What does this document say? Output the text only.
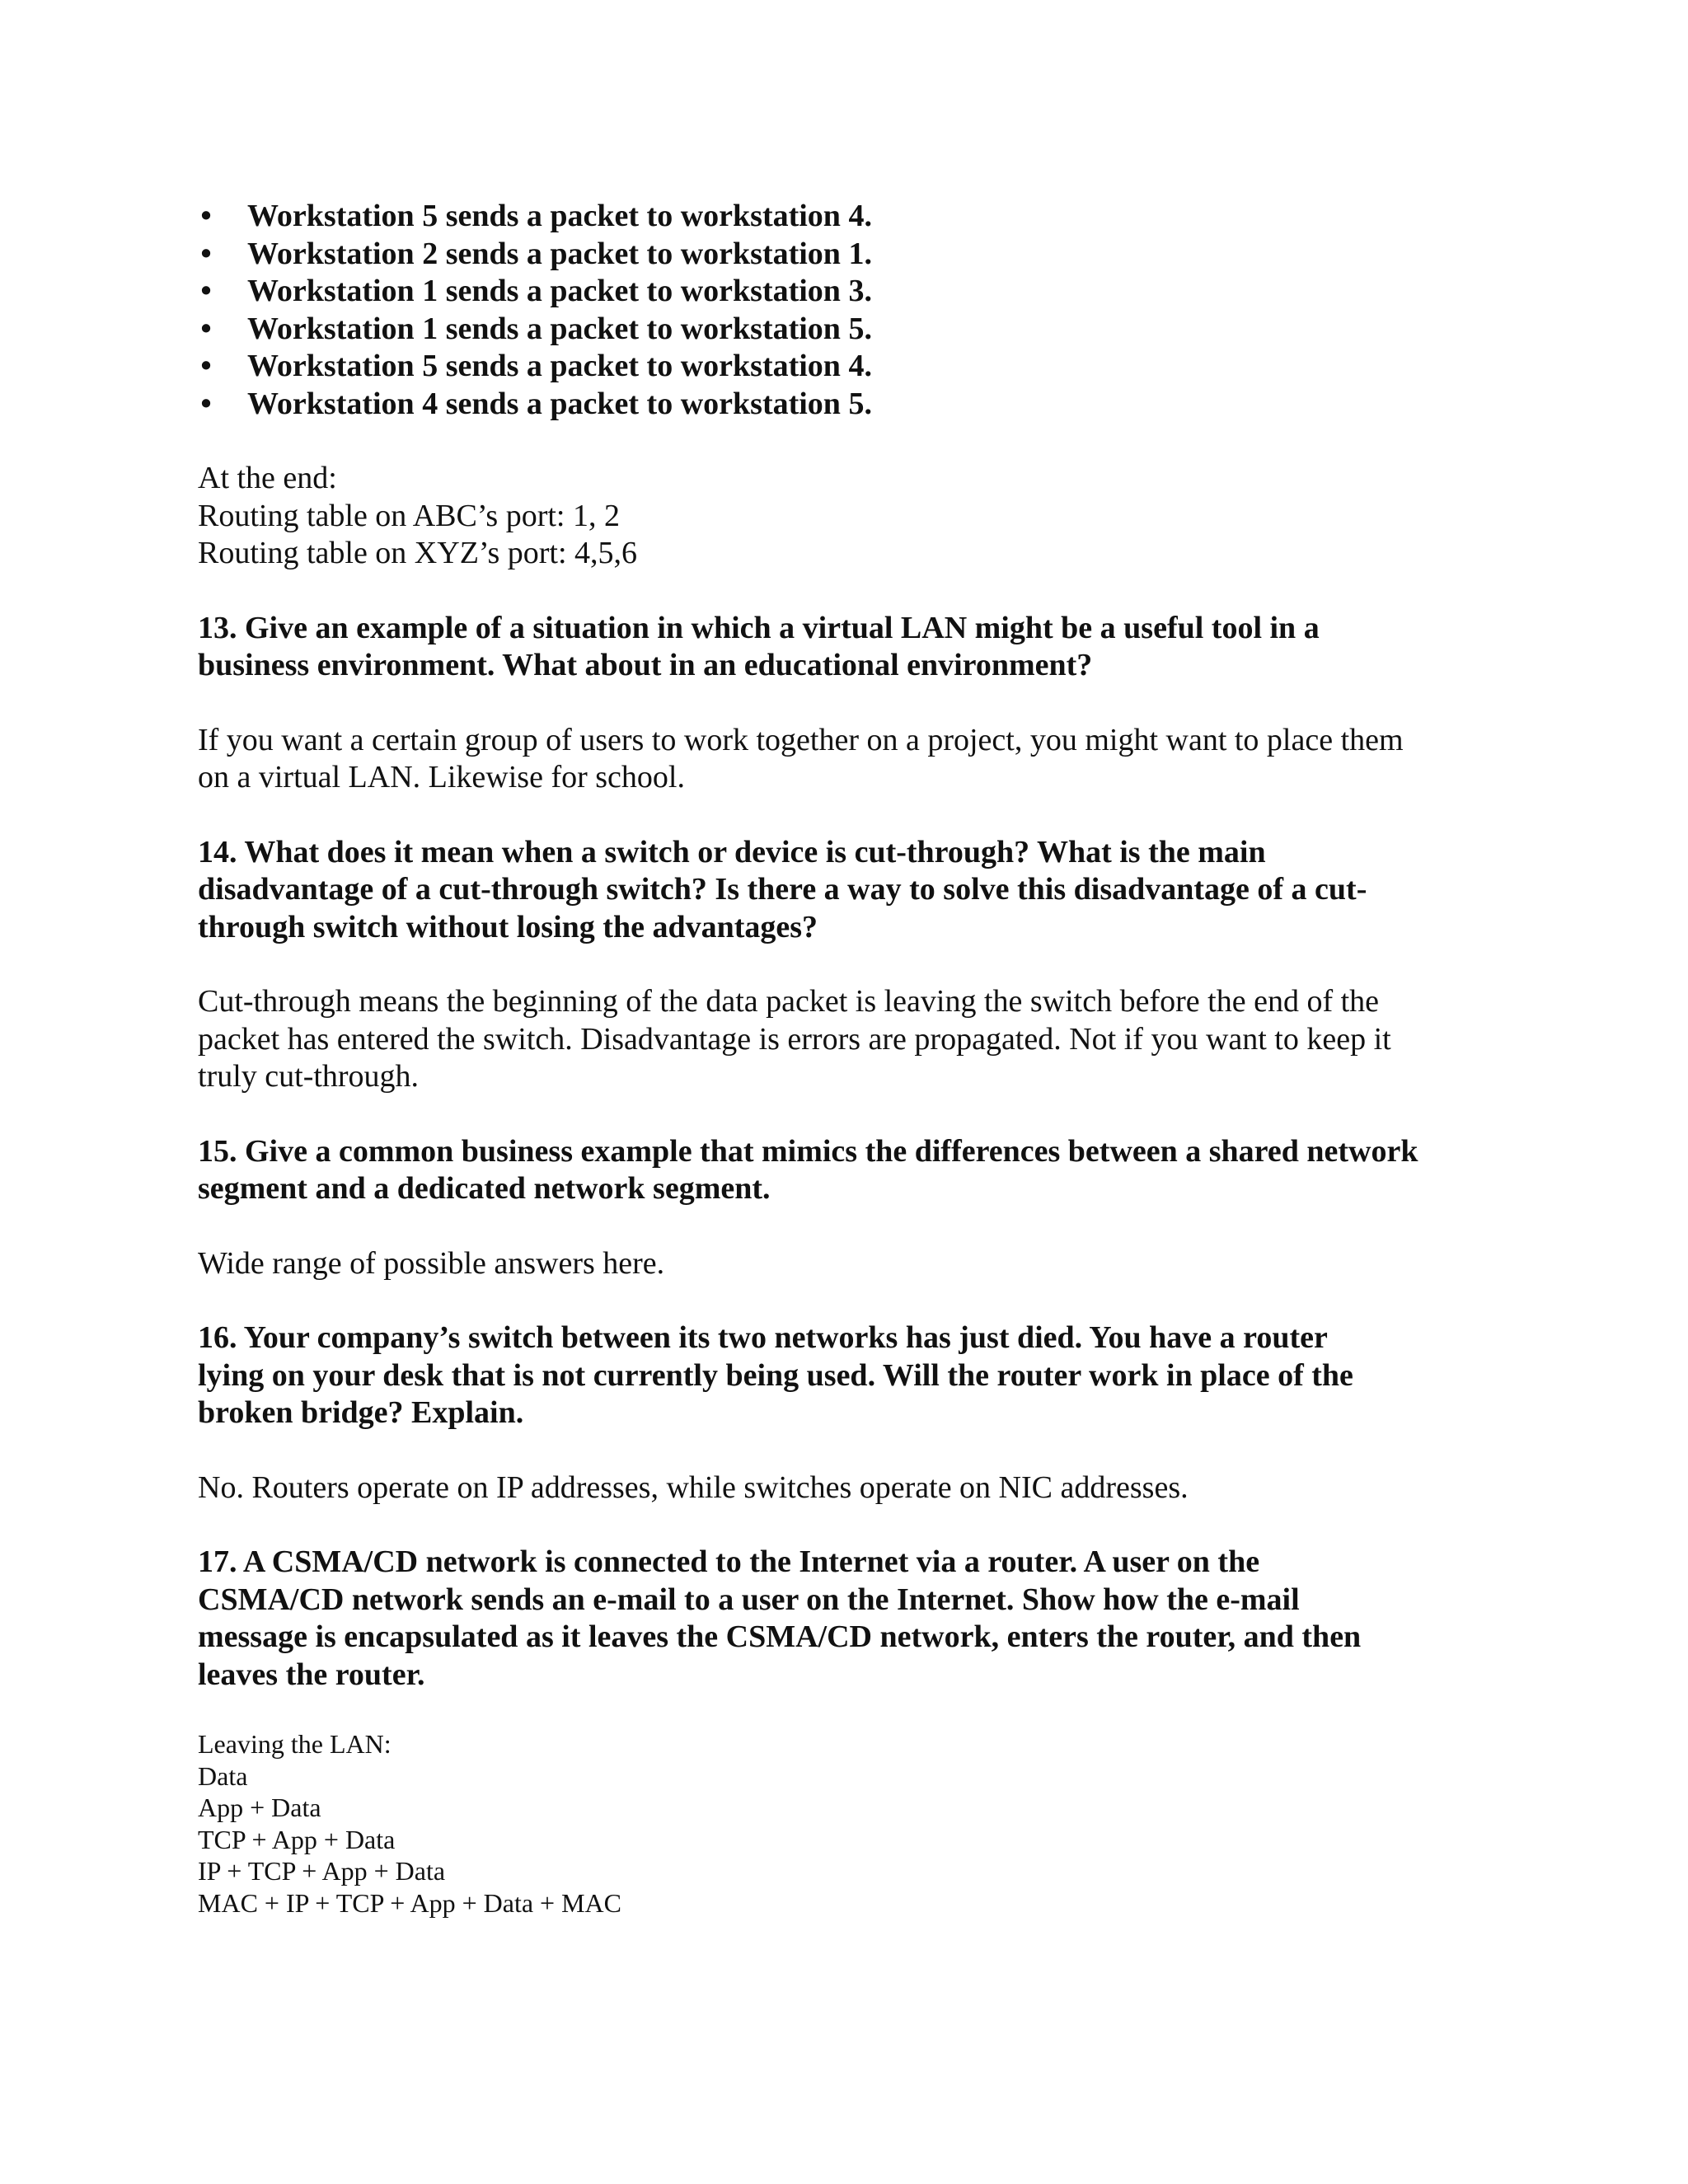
• Workstation 5 sends a packet to workstation 4.
• Workstation 2 sends a packet to workstation 1.
• Workstation 1 sends a packet to workstation 3.
• Workstation 1 sends a packet to workstation 5.
• Workstation 5 sends a packet to workstation 4.
• Workstation 4 sends a packet to workstation 5.
At the end:
Routing table on ABC’s port: 1, 2
Routing table on XYZ’s port: 4,5,6
13. Give an example of a situation in which a virtual LAN might be a useful tool in a
business environment. What about in an educational environment?
If you want a certain group of users to work together on a project, you might want to place them
on a virtual LAN. Likewise for school.
14. What does it mean when a switch or device is cut-through? What is the main
disadvantage of a cut-through switch? Is there a way to solve this disadvantage of a cut-
through switch without losing the advantages?
Cut-through means the beginning of the data packet is leaving the switch before the end of the
packet has entered the switch. Disadvantage is errors are propagated. Not if you want to keep it
truly cut-through.
15. Give a common business example that mimics the differences between a shared network
segment and a dedicated network segment.
Wide range of possible answers here.
16. Your company’s switch between its two networks has just died. You have a router
lying on your desk that is not currently being used. Will the router work in place of the
broken bridge? Explain.
No. Routers operate on IP addresses, while switches operate on NIC addresses.
17. A CSMA/CD network is connected to the Internet via a router. A user on the
CSMA/CD network sends an e-mail to a user on the Internet. Show how the e-mail
message is encapsulated as it leaves the CSMA/CD network, enters the router, and then
leaves the router.
Leaving the LAN:
Data
App + Data
TCP + App + Data
IP + TCP + App + Data
MAC + IP + TCP + App + Data + MAC
